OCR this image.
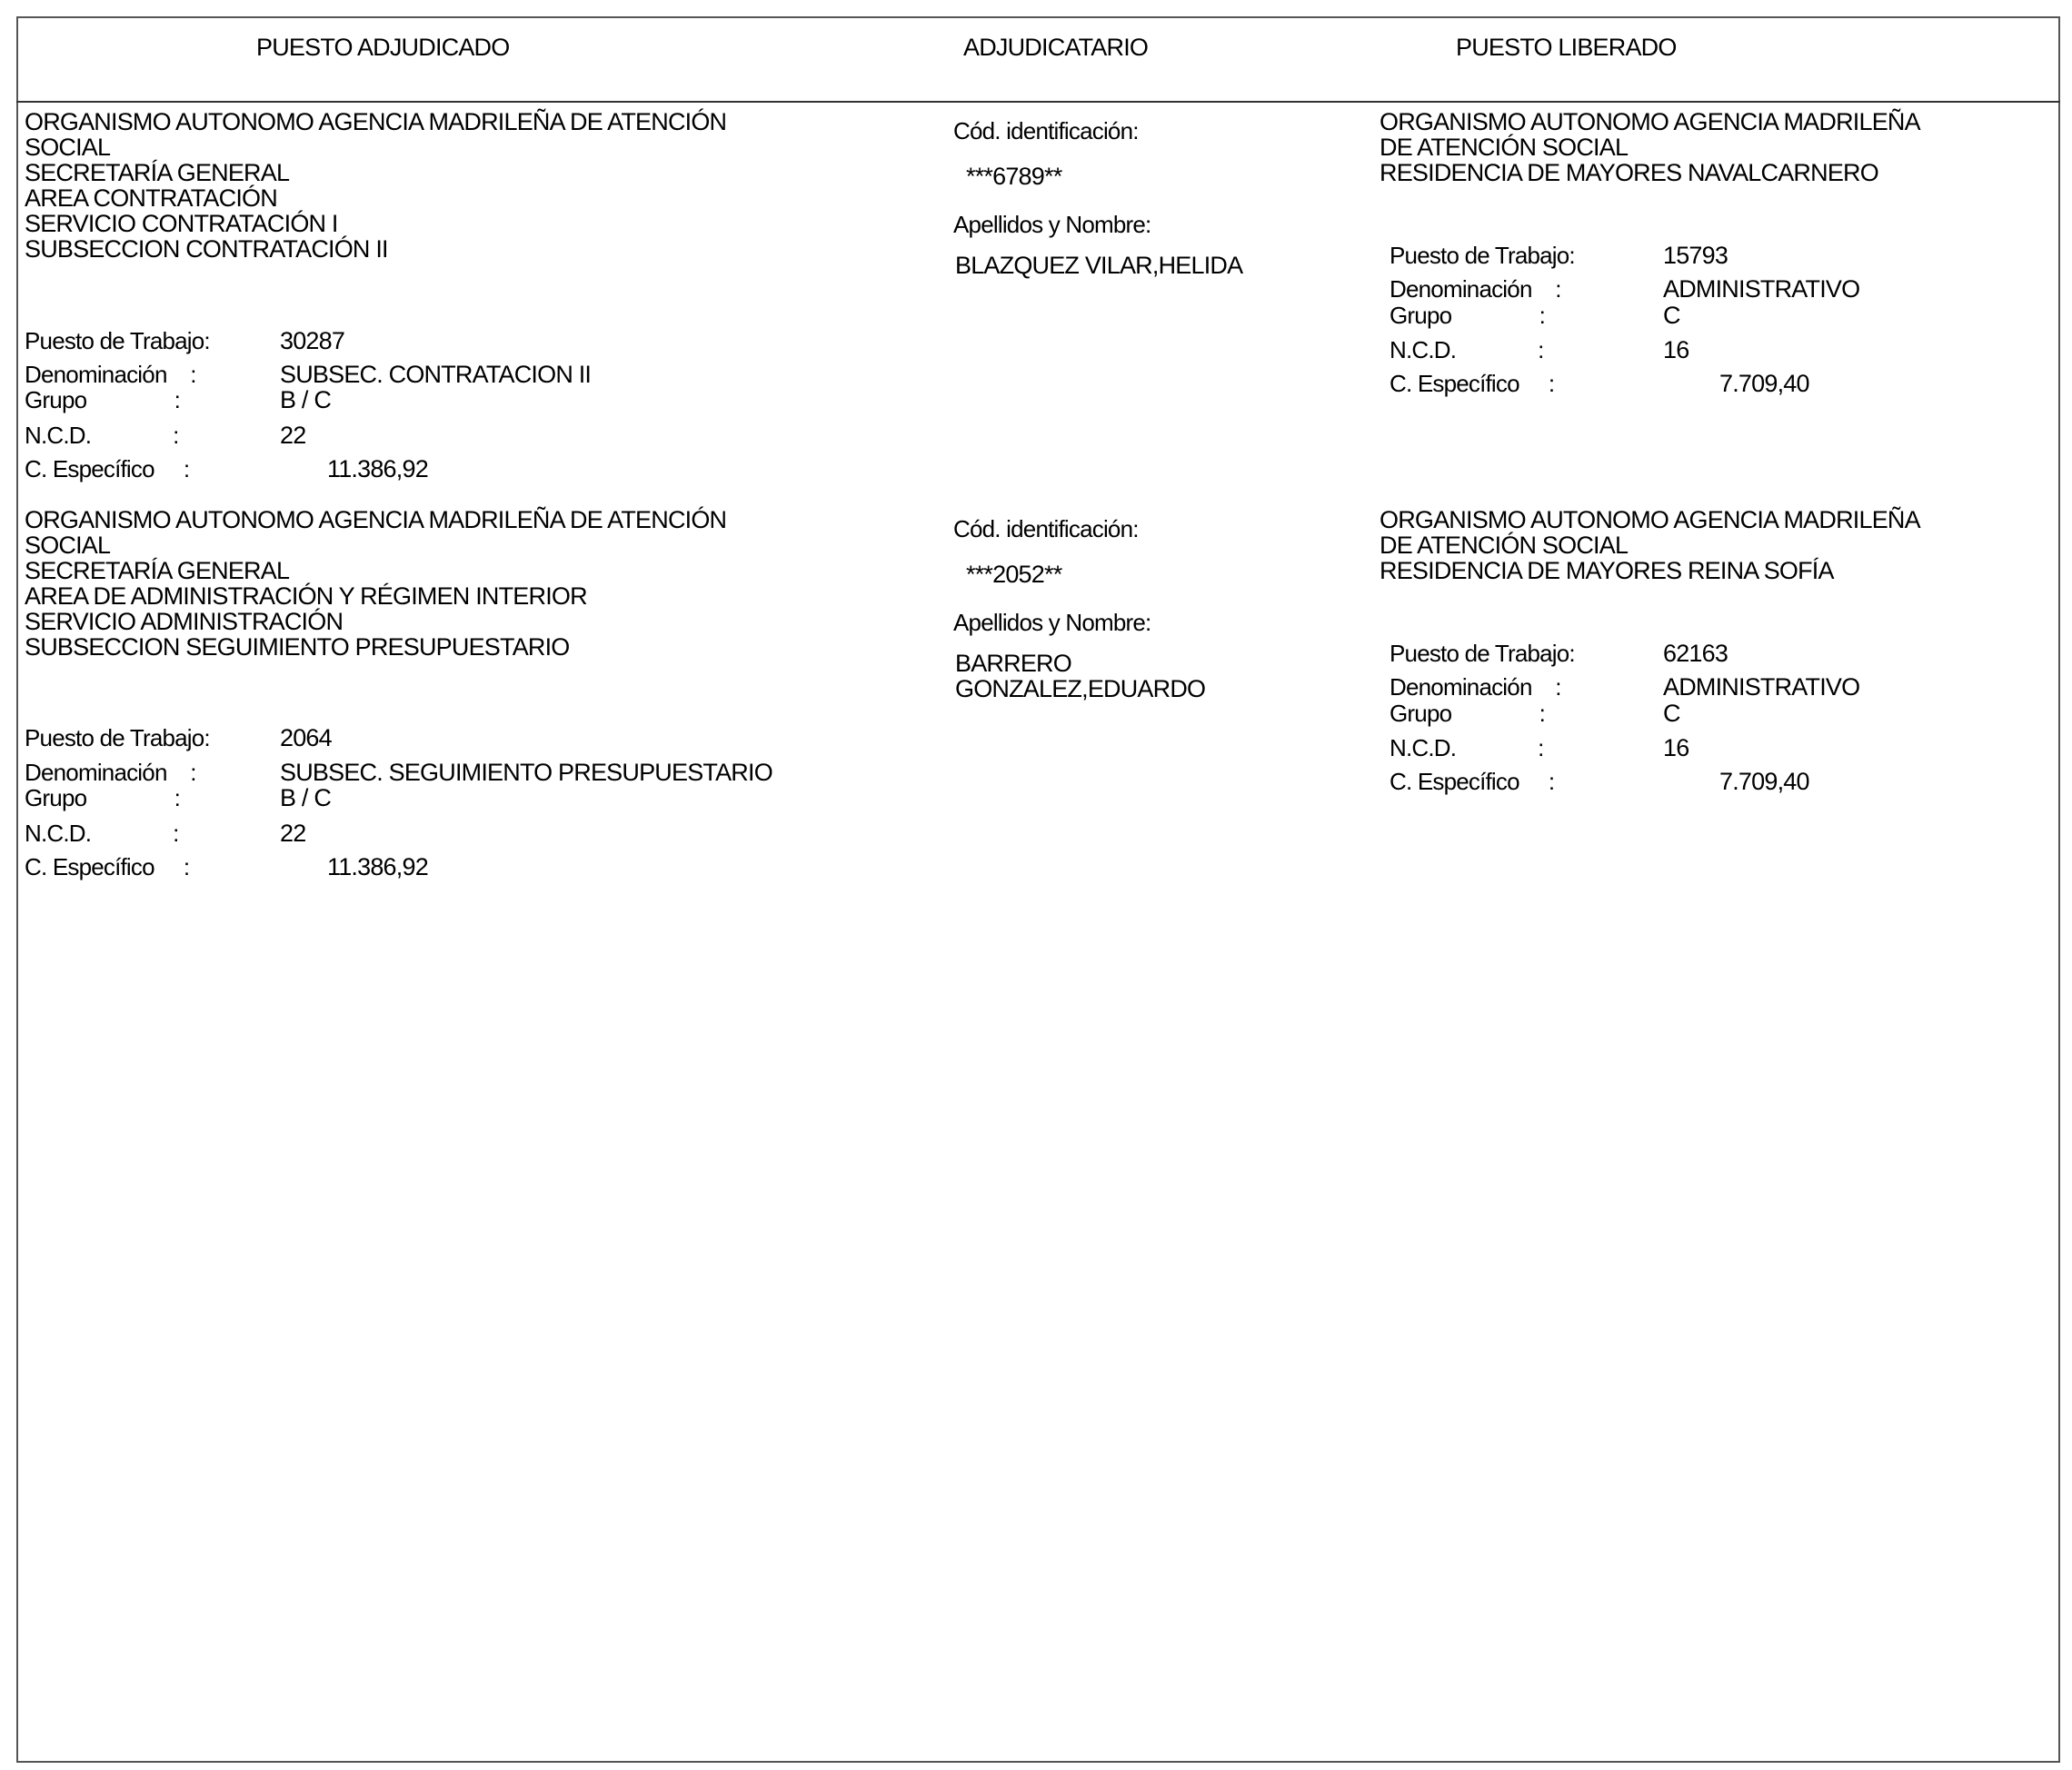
PUESTO ADJUDICADO	ADJUDICATARIO	PUESTO LIBERADO
ORGANISMO AUTONOMO AGENCIA MADRILEÑA DE ATENCIÓN
SOCIAL
SECRETARÍA GENERAL
AREA CONTRATACIÓN
SERVICIO CONTRATACIÓN I
SUBSECCION CONTRATACIÓN II
Puesto de Trabajo:	30287
Denominación    :	SUBSEC. CONTRATACION II
Grupo               :	B / C
N.C.D.              :	22
C. Específico     :	11.386,92
Cód. identificación:
***6789**
Apellidos y Nombre:
BLAZQUEZ VILAR,HELIDA
ORGANISMO AUTONOMO AGENCIA MADRILEÑA
DE ATENCIÓN SOCIAL
RESIDENCIA DE MAYORES NAVALCARNERO
Puesto de Trabajo:	15793
Denominación    :	ADMINISTRATIVO
Grupo               :	C
N.C.D.              :	16
C. Específico     :	7.709,40
ORGANISMO AUTONOMO AGENCIA MADRILEÑA DE ATENCIÓN
SOCIAL
SECRETARÍA GENERAL
AREA DE ADMINISTRACIÓN Y RÉGIMEN INTERIOR
SERVICIO ADMINISTRACIÓN
SUBSECCION SEGUIMIENTO PRESUPUESTARIO
Puesto de Trabajo:	2064
Denominación    :	SUBSEC. SEGUIMIENTO PRESUPUESTARIO
Grupo               :	B / C
N.C.D.              :	22
C. Específico     :	11.386,92
Cód. identificación:
***2052**
Apellidos y Nombre:
BARRERO
GONZALEZ,EDUARDO
ORGANISMO AUTONOMO AGENCIA MADRILEÑA
DE ATENCIÓN SOCIAL
RESIDENCIA DE MAYORES REINA SOFÍA
Puesto de Trabajo:	62163
Denominación    :	ADMINISTRATIVO
Grupo               :	C
N.C.D.              :	16
C. Específico     :	7.709,40
